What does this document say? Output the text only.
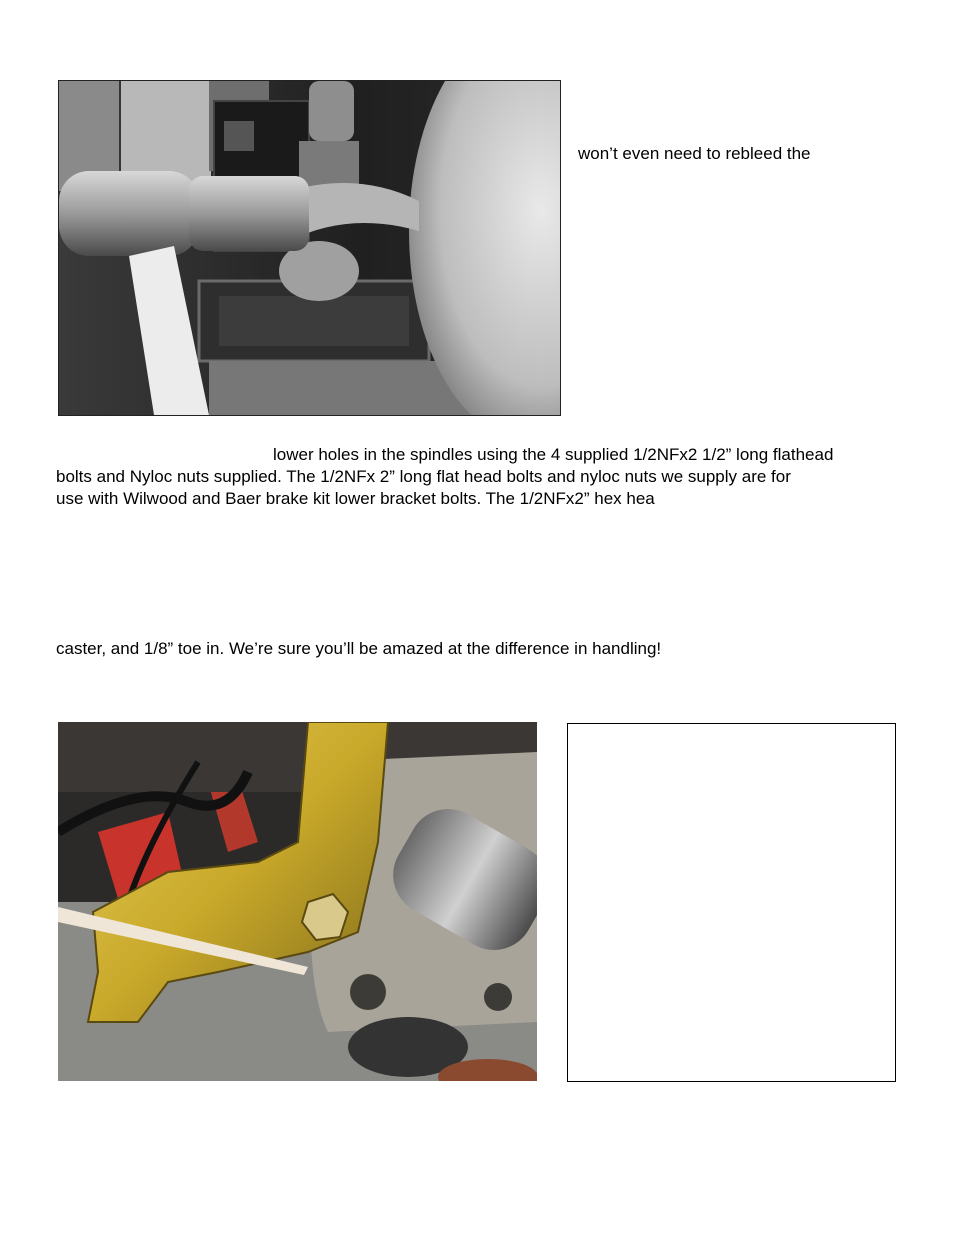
won’t even need to rebleed the
lower holes in the spindles using the 4 supplied 1/2NFx2 1/2” long flathead
bolts and Nyloc nuts supplied. The 1/2NFx 2” long flat head bolts and nyloc nuts we supply are for
use with Wilwood and Baer brake kit lower bracket bolts. The 1/2NFx2” hex hea
caster, and 1/8” toe in. We’re sure you’ll be amazed at the difference in handling!
